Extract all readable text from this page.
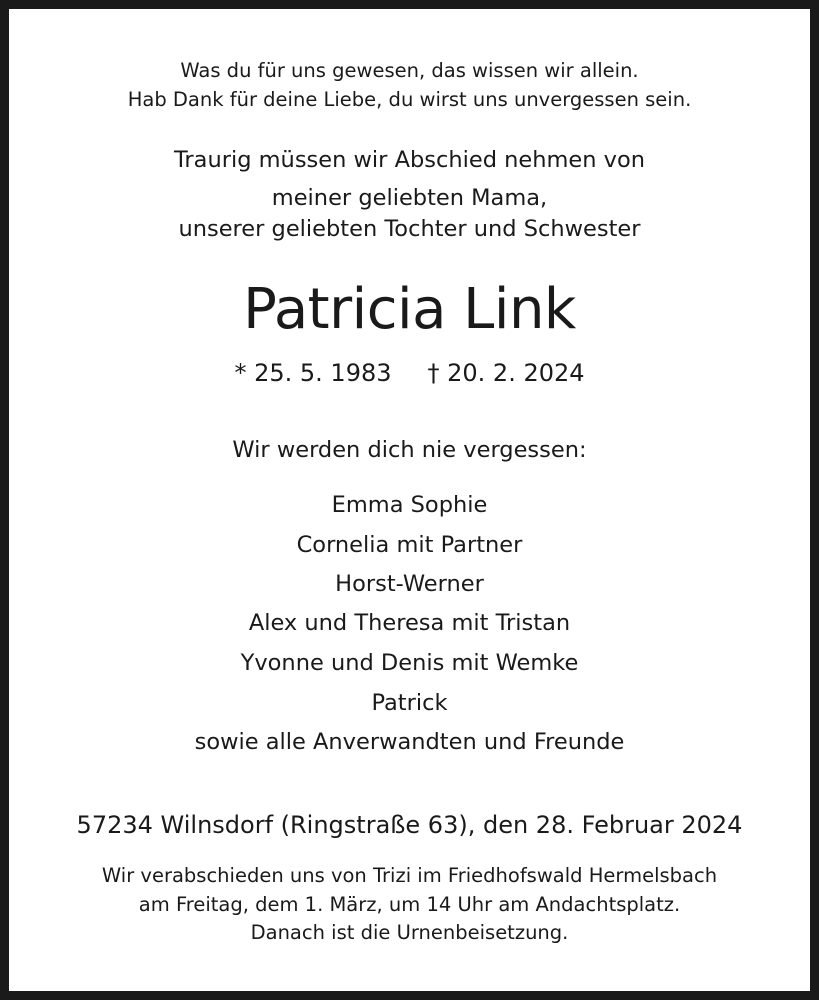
Was du für uns gewesen, das wissen wir allein.
Hab Dank für deine Liebe, du wirst uns unvergessen sein.
Traurig müssen wir Abschied nehmen von
meiner geliebten Mama,
unserer geliebten Tochter und Schwester
Patricia Link
* 25. 5. 1983 † 20. 2. 2024
Wir werden dich nie vergessen:
Emma Sophie
Cornelia mit Partner
Horst-Werner
Alex und Theresa mit Tristan
Yvonne und Denis mit Wemke
Patrick
sowie alle Anverwandten und Freunde
57234 Wilnsdorf (Ringstraße 63), den 28. Februar 2024
Wir verabschieden uns von Trizi im Friedhofswald Hermelsbach
am Freitag, dem 1. März, um 14 Uhr am Andachtsplatz.
Danach ist die Urnenbeisetzung.
